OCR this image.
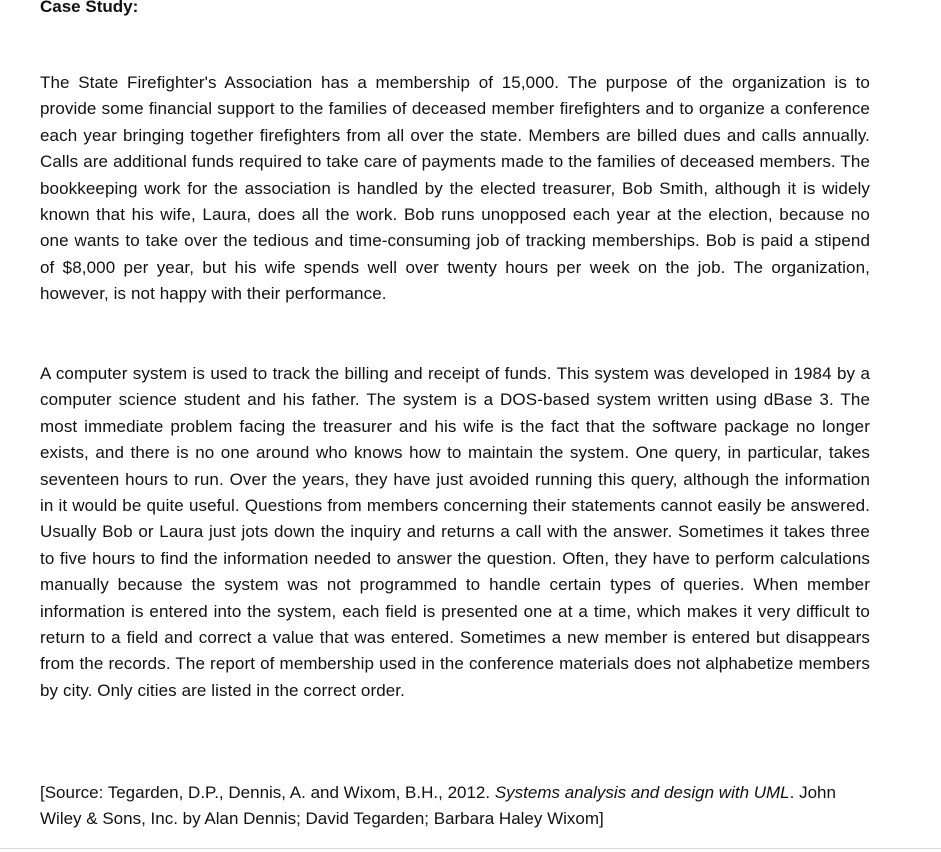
Case Study:

The State Firefighter's Association has a membership of 15,000. The purpose of the organization is to provide some financial support to the families of deceased member firefighters and to organize a conference each year bringing together firefighters from all over the state. Members are billed dues and calls annually. Calls are additional funds required to take care of payments made to the families of deceased members. The bookkeeping work for the association is handled by the elected treasurer, Bob Smith, although it is widely known that his wife, Laura, does all the work. Bob runs unopposed each year at the election, because no one wants to take over the tedious and time-consuming job of tracking memberships. Bob is paid a stipend of $8,000 per year, but his wife spends well over twenty hours per week on the job. The organization, however, is not happy with their performance.

A computer system is used to track the billing and receipt of funds. This system was developed in 1984 by a computer science student and his father. The system is a DOS-based system written using dBase 3. The most immediate problem facing the treasurer and his wife is the fact that the software package no longer exists, and there is no one around who knows how to maintain the system. One query, in particular, takes seventeen hours to run. Over the years, they have just avoided running this query, although the information in it would be quite useful. Questions from members concerning their statements cannot easily be answered. Usually Bob or Laura just jots down the inquiry and returns a call with the answer. Sometimes it takes three to five hours to find the information needed to answer the question. Often, they have to perform calculations manually because the system was not programmed to handle certain types of queries. When member information is entered into the system, each field is presented one at a time, which makes it very difficult to return to a field and correct a value that was entered. Sometimes a new member is entered but disappears from the records. The report of membership used in the conference materials does not alphabetize members by city. Only cities are listed in the correct order.

[Source: Tegarden, D.P., Dennis, A. and Wixom, B.H., 2012. Systems analysis and design with UML. John Wiley & Sons, Inc. by Alan Dennis; David Tegarden; Barbara Haley Wixom]
